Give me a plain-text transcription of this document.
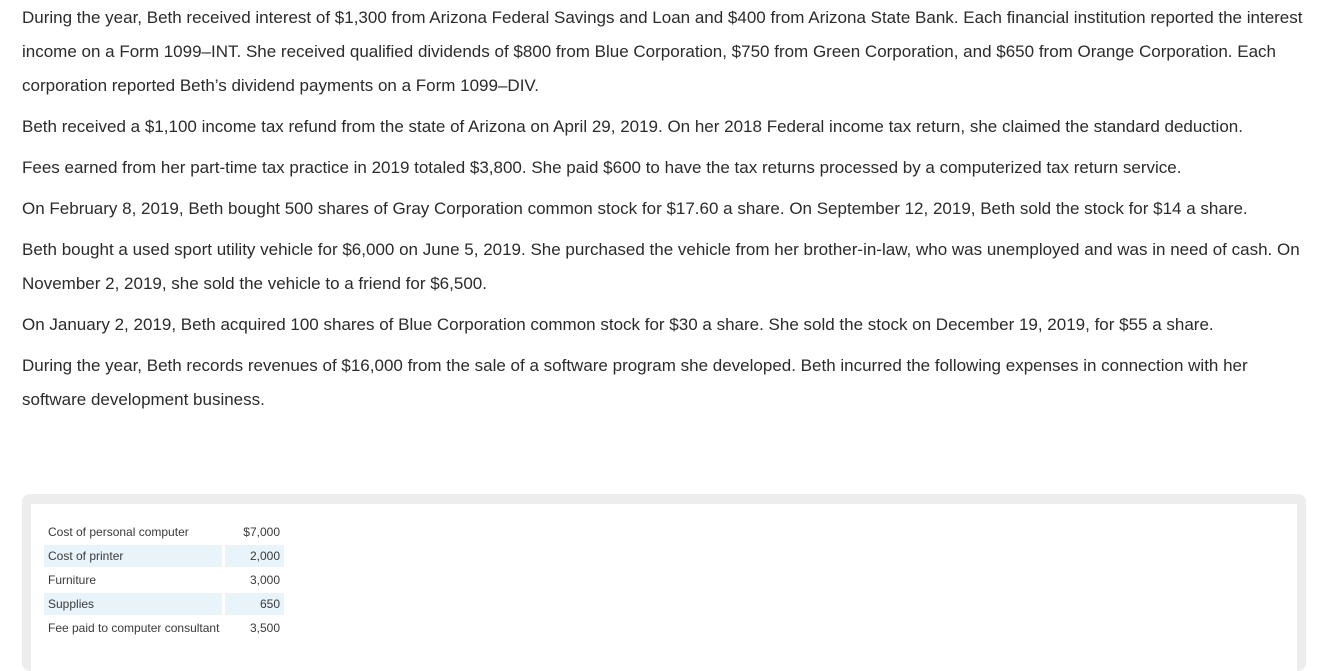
During the year, Beth received interest of $1,300 from Arizona Federal Savings and Loan and $400 from Arizona State Bank. Each financial institution reported the interest income on a Form 1099–INT. She received qualified dividends of $800 from Blue Corporation, $750 from Green Corporation, and $650 from Orange Corporation. Each corporation reported Beth’s dividend payments on a Form 1099–DIV.

Beth received a $1,100 income tax refund from the state of Arizona on April 29, 2019. On her 2018 Federal income tax return, she claimed the standard deduction.

Fees earned from her part-time tax practice in 2019 totaled $3,800. She paid $600 to have the tax returns processed by a computerized tax return service.

On February 8, 2019, Beth bought 500 shares of Gray Corporation common stock for $17.60 a share. On September 12, 2019, Beth sold the stock for $14 a share.

Beth bought a used sport utility vehicle for $6,000 on June 5, 2019. She purchased the vehicle from her brother-in-law, who was unemployed and was in need of cash. On November 2, 2019, she sold the vehicle to a friend for $6,500.

On January 2, 2019, Beth acquired 100 shares of Blue Corporation common stock for $30 a share. She sold the stock on December 19, 2019, for $55 a share.

During the year, Beth records revenues of $16,000 from the sale of a software program she developed. Beth incurred the following expenses in connection with her software development business.

Cost of personal computer	$7,000
Cost of printer	2,000
Furniture	3,000
Supplies	650
Fee paid to computer consultant	3,500
